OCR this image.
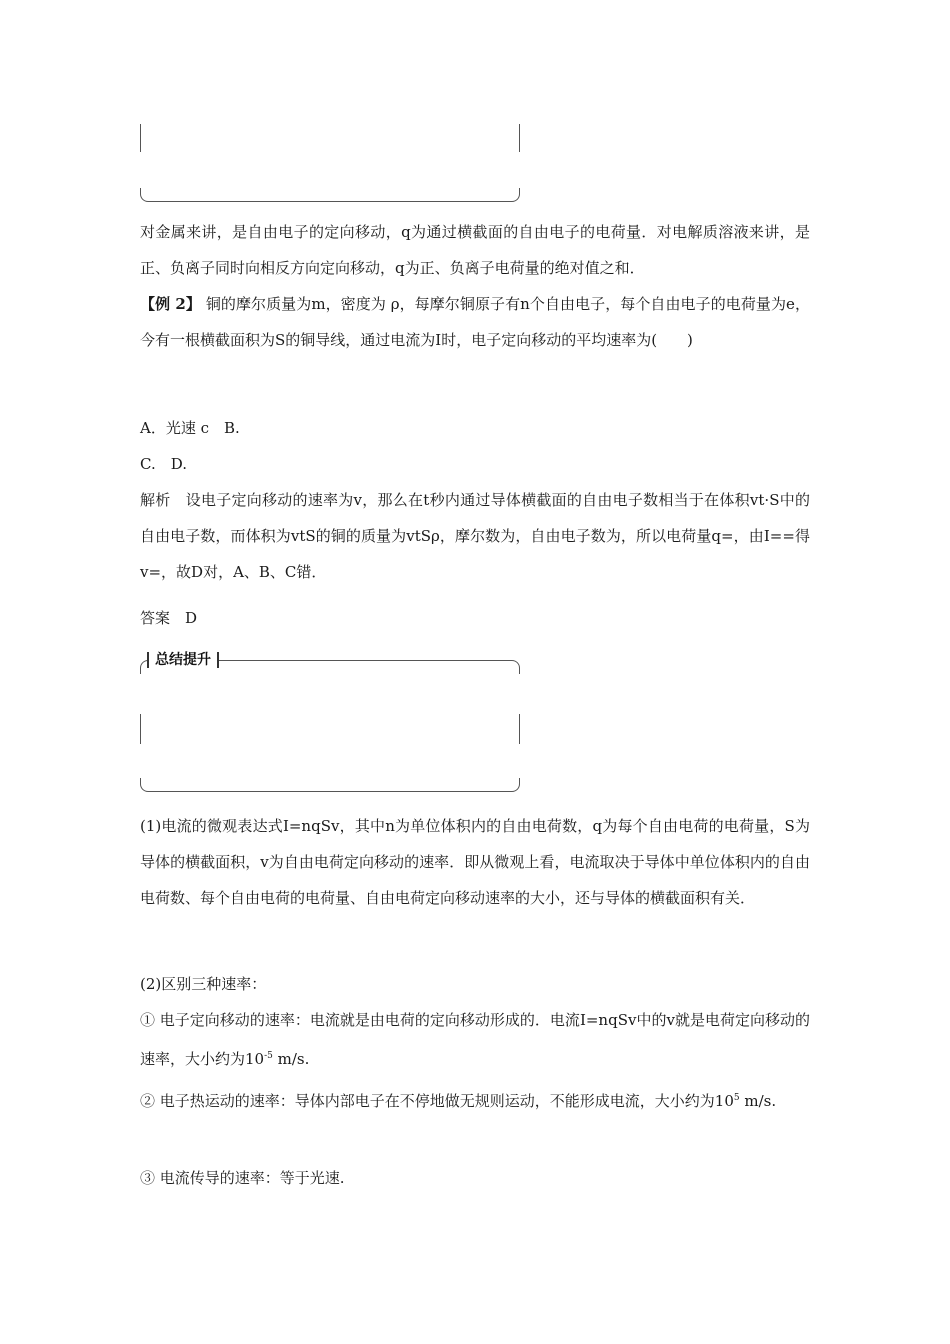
对金属来讲，是自由电子的定向移动，q为通过横截面的自由电子的电荷量．对电解质溶液来讲，是正、负离子同时向相反方向定向移动，q为正、负离子电荷量的绝对值之和．

【例 2】 铜的摩尔质量为m，密度为 ρ，每摩尔铜原子有n个自由电子，每个自由电子的电荷量为e，今有一根横截面积为S的铜导线，通过电流为I时，电子定向移动的平均速率为(　　)

A．光速 c　B.
C.　D.

解析　设电子定向移动的速率为v，那么在t秒内通过导体横截面的自由电子数相当于在体积vt·S中的自由电子数，而体积为vtS的铜的质量为vtSρ，摩尔数为，自由电子数为，所以电荷量q=，由I==得v=，故D对，A、B、C错．

答案　D
总结提升

(1)电流的微观表达式I=nqSv，其中n为单位体积内的自由电荷数，q为每个自由电荷的电荷量，S为导体的横截面积，v为自由电荷定向移动的速率．即从微观上看，电流取决于导体中单位体积内的自由电荷数、每个自由电荷的电荷量、自由电荷定向移动速率的大小，还与导体的横截面积有关．

(2)区别三种速率：

① 电子定向移动的速率：电流就是由电荷的定向移动形成的．电流I=nqSv中的v就是电荷定向移动的速率，大小约为$10^{-5}$ m/s.

② 电子热运动的速率：导体内部电子在不停地做无规则运动，不能形成电流，大小约为$10^5$ m/s.

③ 电流传导的速率：等于光速.
